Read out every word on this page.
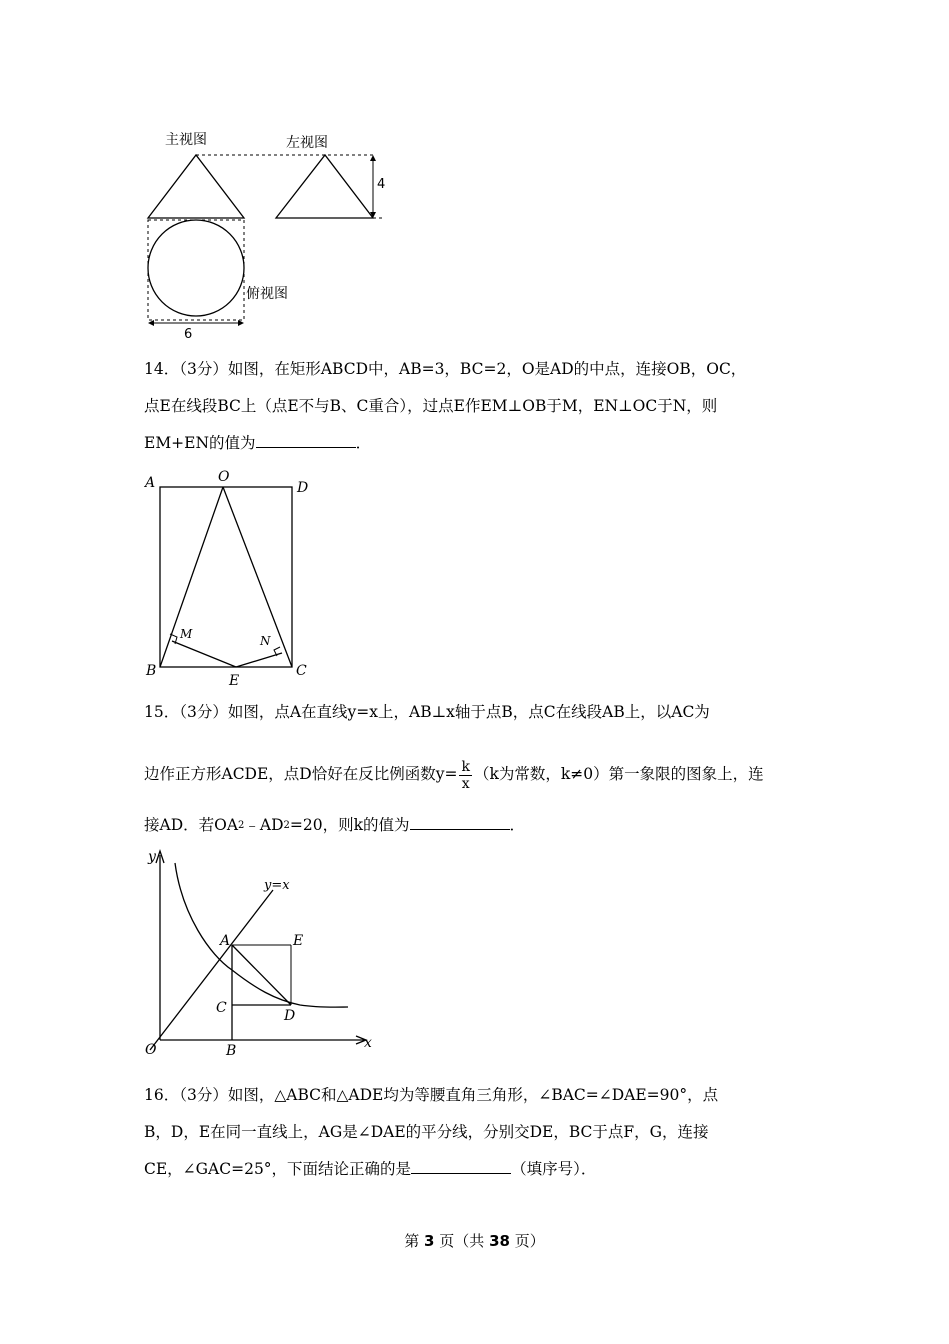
主视图	左视图
俯视图
4
6
14．（3分）如图，在矩形ABCD中，AB=3，BC=2，O是AD的中点，连接OB，OC，
点E在线段BC上（点E不与B、C重合），过点E作EM⊥OB于M，EN⊥OC于N，则
EM+EN的值为	．
A	O
D
M	N
B
E
C
15．（3分）如图，点A在直线y=x上，AB⊥x轴于点B，点C在线段AB上，以AC为
边作正方形ACDE，点D恰好在反比例函数$y= \frac{k}{x} (k$为常数，k≠0）第一象限的图象上，连
接AD．若$OA^2﹣AD^2=20$，则k的值为	．
y
y=x
A	E
C	D
O	B	x
16．（3分）如图，△ABC和△ADE均为等腰直角三角形，∠BAC=∠DAE=90°，点
B，D，E在同一直线上，AG是∠DAE的平分线，分别交DE，BC于点F，G，连接
CE，∠GAC=25°，下面结论正确的是	（填序号）．
第 3 页（共 38 页）
